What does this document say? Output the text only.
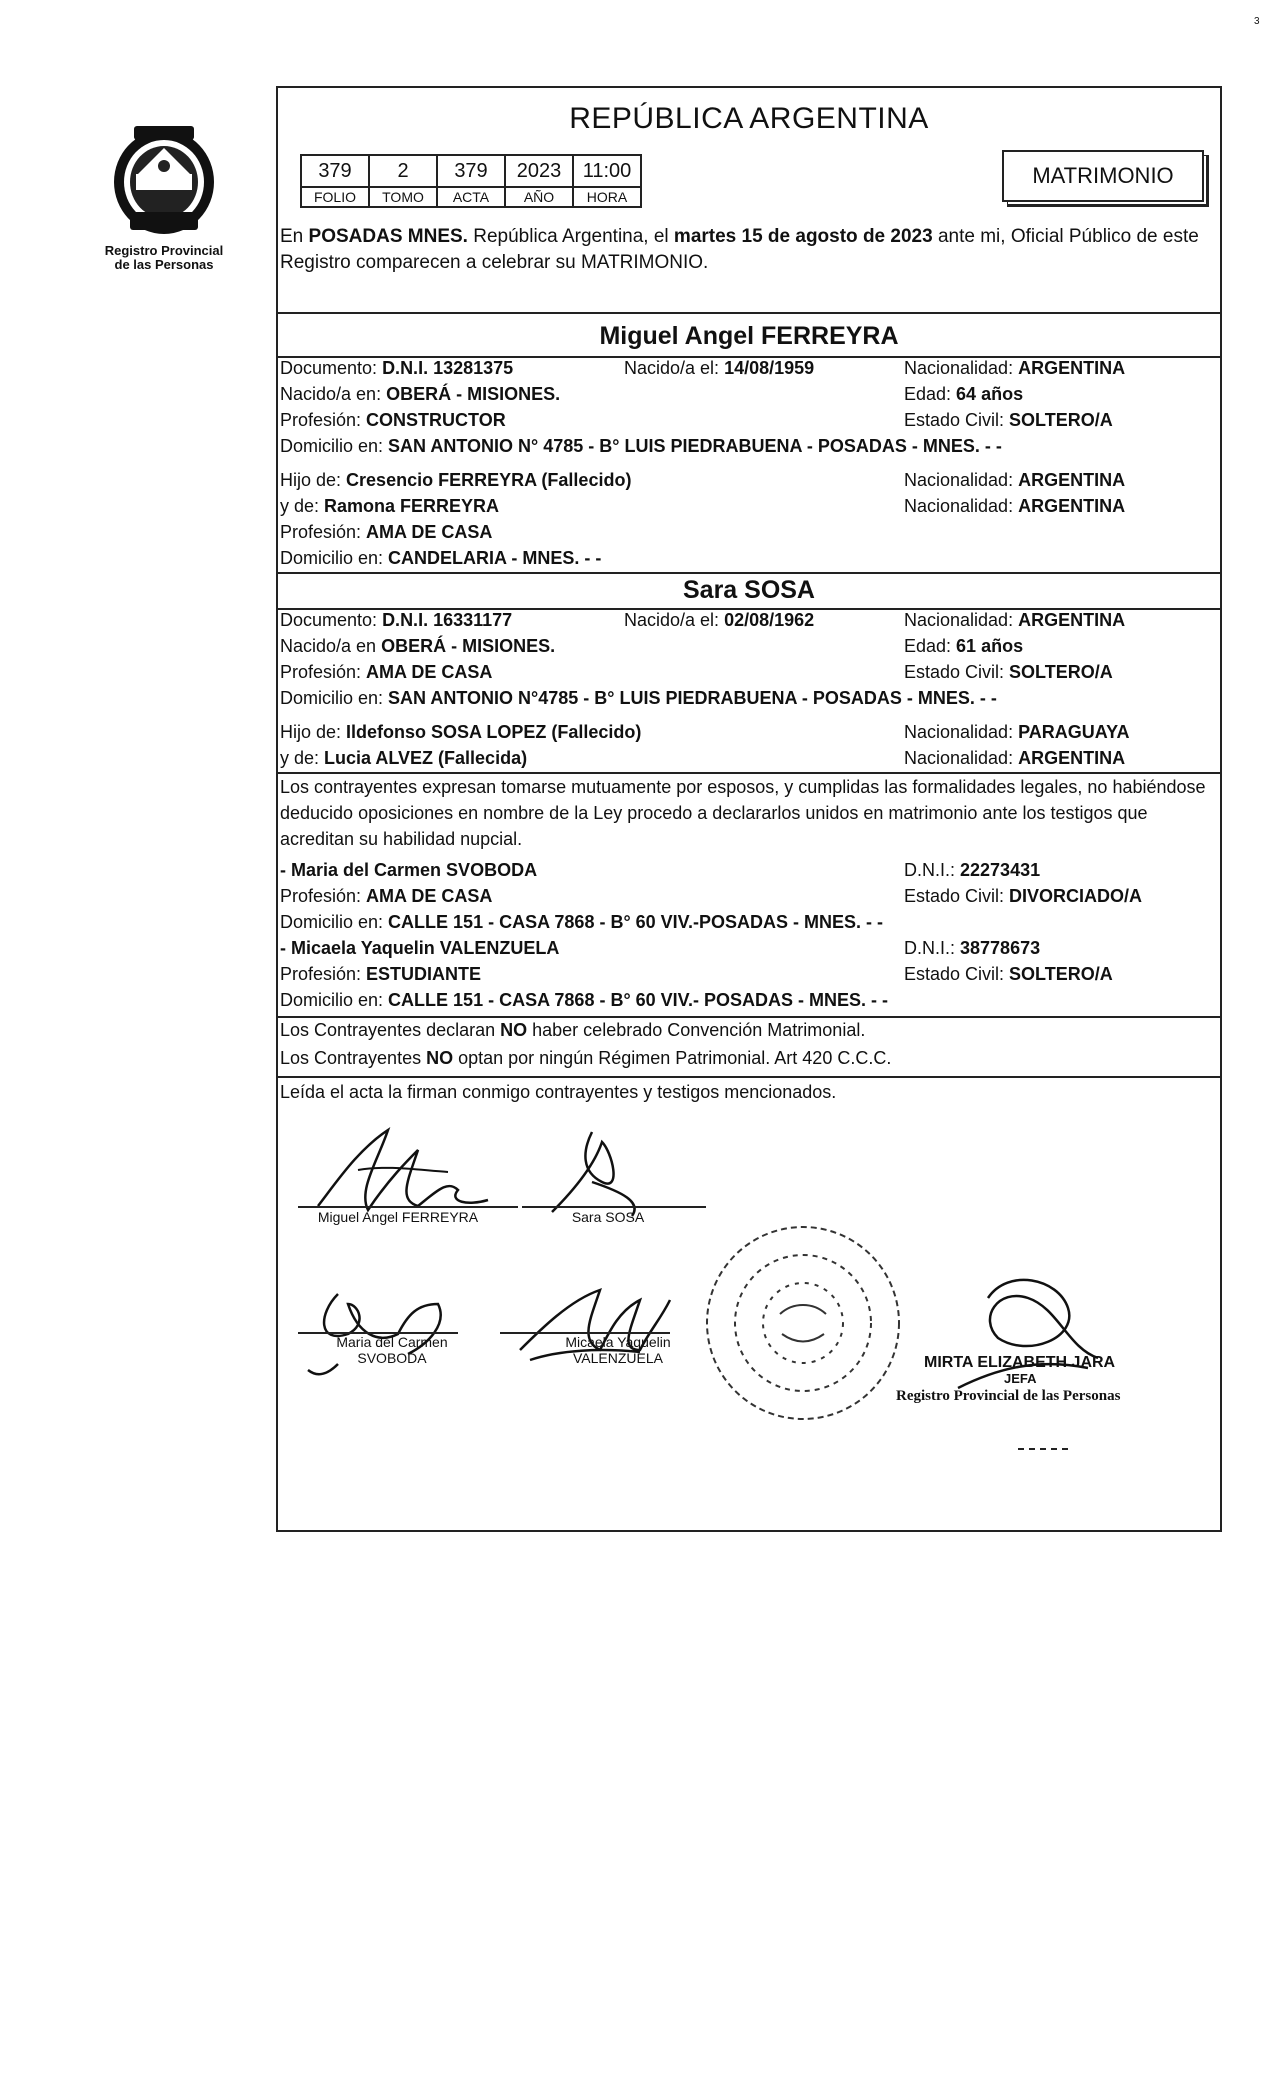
3
Registro Provincial
de las Personas
REPÚBLICA ARGENTINA
379	2	379	2023	11:00
FOLIO	TOMO	ACTA	AÑO	HORA
MATRIMONIO
En POSADAS MNES. República Argentina, el martes 15 de agosto de 2023 ante mi, Oficial Público de este Registro comparecen a celebrar su MATRIMONIO.
Miguel Angel FERREYRA
Documento: D.N.I. 13281375	Nacido/a el: 14/08/1959	Nacionalidad: ARGENTINA
Nacido/a en: OBERÁ - MISIONES.	Edad: 64 años
Profesión: CONSTRUCTOR	Estado Civil: SOLTERO/A
Domicilio en: SAN ANTONIO N° 4785 - B° LUIS PIEDRABUENA - POSADAS - MNES. - -
Hijo de: Cresencio FERREYRA (Fallecido)	Nacionalidad: ARGENTINA
y de: Ramona FERREYRA	Nacionalidad: ARGENTINA
Profesión: AMA DE CASA
Domicilio en: CANDELARIA - MNES. - -
Sara SOSA
Documento: D.N.I. 16331177	Nacido/a el: 02/08/1962	Nacionalidad: ARGENTINA
Nacido/a en OBERÁ - MISIONES.	Edad: 61 años
Profesión: AMA DE CASA	Estado Civil: SOLTERO/A
Domicilio en: SAN ANTONIO N°4785 - B° LUIS PIEDRABUENA - POSADAS - MNES. - -
Hijo de: Ildefonso SOSA LOPEZ (Fallecido)	Nacionalidad: PARAGUAYA
y de: Lucia ALVEZ (Fallecida)	Nacionalidad: ARGENTINA
Los contrayentes expresan tomarse mutuamente por esposos, y cumplidas las formalidades legales, no habiéndose deducido oposiciones en nombre de la Ley procedo a declararlos unidos en matrimonio ante los testigos que acreditan su habilidad nupcial.
- Maria del Carmen SVOBODA	D.N.I.: 22273431
Profesión: AMA DE CASA	Estado Civil: DIVORCIADO/A
Domicilio en: CALLE 151 - CASA 7868 - B° 60 VIV.-POSADAS - MNES. - -
- Micaela Yaquelin VALENZUELA	D.N.I.: 38778673
Profesión: ESTUDIANTE	Estado Civil: SOLTERO/A
Domicilio en: CALLE 151 - CASA 7868 - B° 60 VIV.- POSADAS - MNES. - -
Los Contrayentes declaran NO haber celebrado Convención Matrimonial.
Los Contrayentes NO optan por ningún Régimen Patrimonial. Art 420 C.C.C.
Leída el acta la firman conmigo contrayentes y testigos mencionados.
Miguel Angel FERREYRA	Sara SOSA
Maria del Carmen
SVOBODA
Micaela Yaquelin
VALENZUELA	MIRTA ELIZABETH JARA
JEFA
Registro Provincial de las Personas
